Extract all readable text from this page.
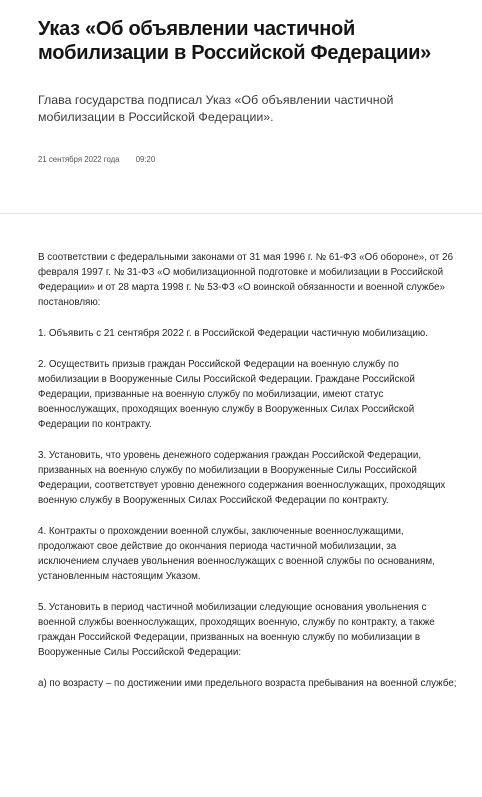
Указ «Об объявлении частичной мобилизации в Российской Федерации»

Глава государства подписал Указ «Об объявлении частичной мобилизации в Российской Федерации».

21 сентября 2022 года 09:20

В соответствии с федеральными законами от 31 мая 1996 г. № 61-ФЗ «Об обороне», от 26 февраля 1997 г. № 31-ФЗ «О мобилизационной подготовке и мобилизации в Российской Федерации» и от 28 марта 1998 г. № 53-ФЗ «О воинской обязанности и военной службе» постановляю:

1. Объявить с 21 сентября 2022 г. в Российской Федерации частичную мобилизацию.

2. Осуществить призыв граждан Российской Федерации на военную службу по мобилизации в Вооруженные Силы Российской Федерации. Граждане Российской Федерации, призванные на военную службу по мобилизации, имеют статус военнослужащих, проходящих военную службу в Вооруженных Силах Российской Федерации по контракту.

3. Установить, что уровень денежного содержания граждан Российской Федерации, призванных на военную службу по мобилизации в Вооруженные Силы Российской Федерации, соответствует уровню денежного содержания военнослужащих, проходящих военную службу в Вооруженных Силах Российской Федерации по контракту.

4. Контракты о прохождении военной службы, заключенные военнослужащими, продолжают свое действие до окончания периода частичной мобилизации, за исключением случаев увольнения военнослужащих с военной службы по основаниям, установленным настоящим Указом.

5. Установить в период частичной мобилизации следующие основания увольнения с военной службы военнослужащих, проходящих военную, службу по контракту, а также граждан Российской Федерации, призванных на военную службу по мобилизации в Вооруженные Силы Российской Федерации:

а) по возрасту – по достижении ими предельного возраста пребывания на военной службе;
